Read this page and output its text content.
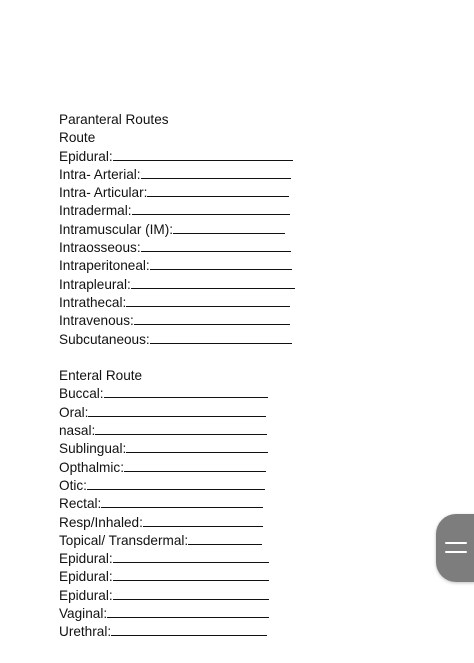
Paranteral Routes
Route
Epidural:
Intra- Arterial:
Intra- Articular:
Intradermal:
Intramuscular (IM):
Intraosseous:
Intraperitoneal:
Intrapleural:
Intrathecal:
Intravenous:
Subcutaneous:
Enteral Route
Buccal:
Oral:
nasal:
Sublingual:
Opthalmic:
Otic:
Rectal:
Resp/Inhaled:
Topical/ Transdermal:
Epidural:
Epidural:
Epidural:
Vaginal:
Urethral:
